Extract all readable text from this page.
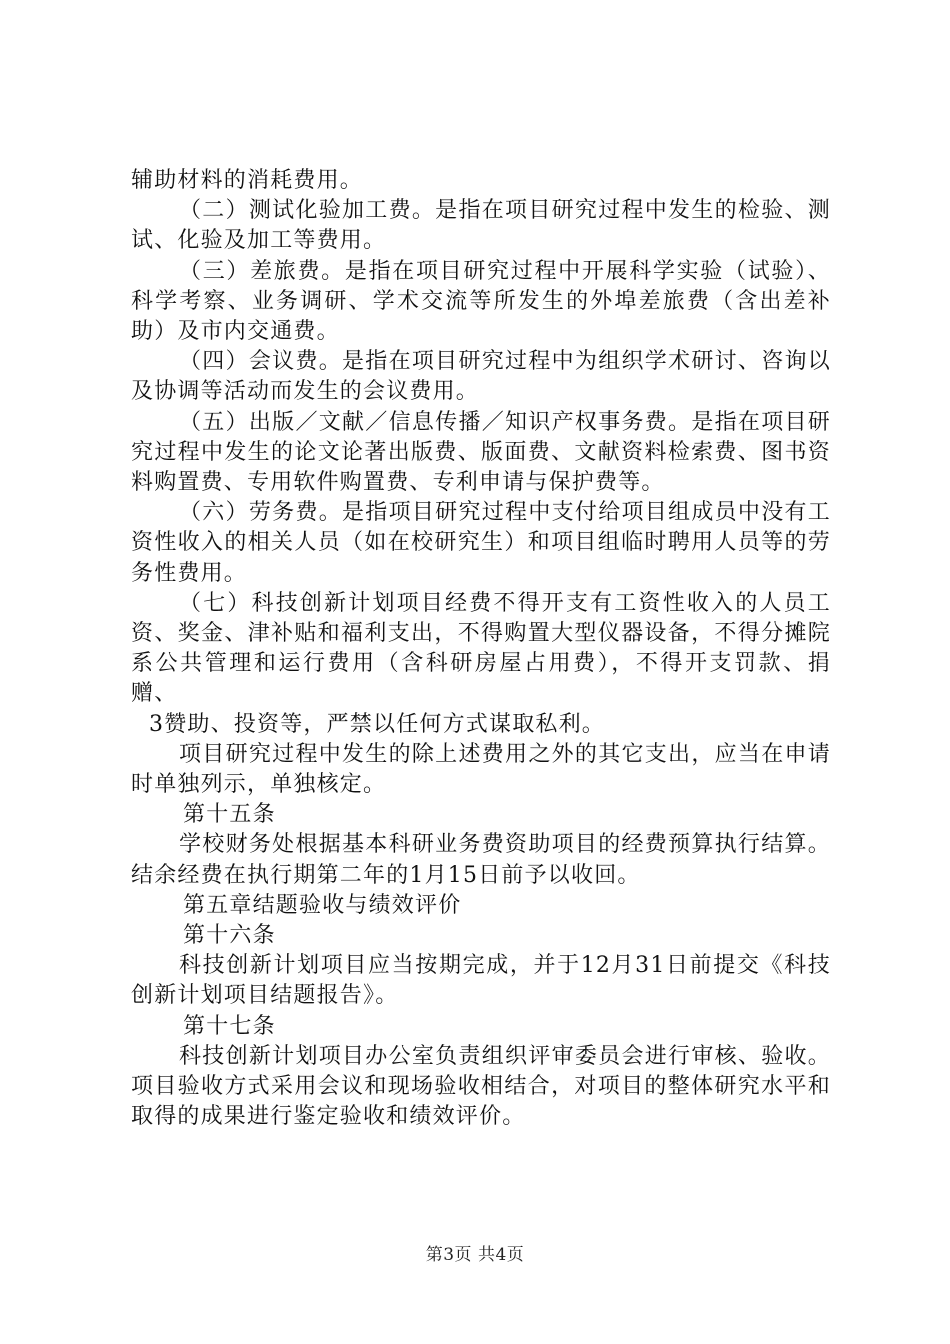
辅助材料的消耗费用。

（二）测试化验加工费。是指在项目研究过程中发生的检验、测试、化验及加工等费用。

（三）差旅费。是指在项目研究过程中开展科学实验（试验）、科学考察、业务调研、学术交流等所发生的外埠差旅费（含出差补助）及市内交通费。

（四）会议费。是指在项目研究过程中为组织学术研讨、咨询以及协调等活动而发生的会议费用。

（五）出版／文献／信息传播／知识产权事务费。是指在项目研究过程中发生的论文论著出版费、版面费、文献资料检索费、图书资料购置费、专用软件购置费、专利申请与保护费等。

（六）劳务费。是指项目研究过程中支付给项目组成员中没有工资性收入的相关人员（如在校研究生）和项目组临时聘用人员等的劳务性费用。

（七）科技创新计划项目经费不得开支有工资性收入的人员工资、奖金、津补贴和福利支出，不得购置大型仪器设备，不得分摊院系公共管理和运行费用（含科研房屋占用费），不得开支罚款、捐赠、

3赞助、投资等，严禁以任何方式谋取私利。

项目研究过程中发生的除上述费用之外的其它支出，应当在申请时单独列示，单独核定。

第十五条

学校财务处根据基本科研业务费资助项目的经费预算执行结算。结余经费在执行期第二年的1月15日前予以收回。

第五章结题验收与绩效评价

第十六条

科技创新计划项目应当按期完成，并于12月31日前提交《科技创新计划项目结题报告》。

第十七条

科技创新计划项目办公室负责组织评审委员会进行审核、验收。项目验收方式采用会议和现场验收相结合，对项目的整体研究水平和取得的成果进行鉴定验收和绩效评价。

第3页 共4页
